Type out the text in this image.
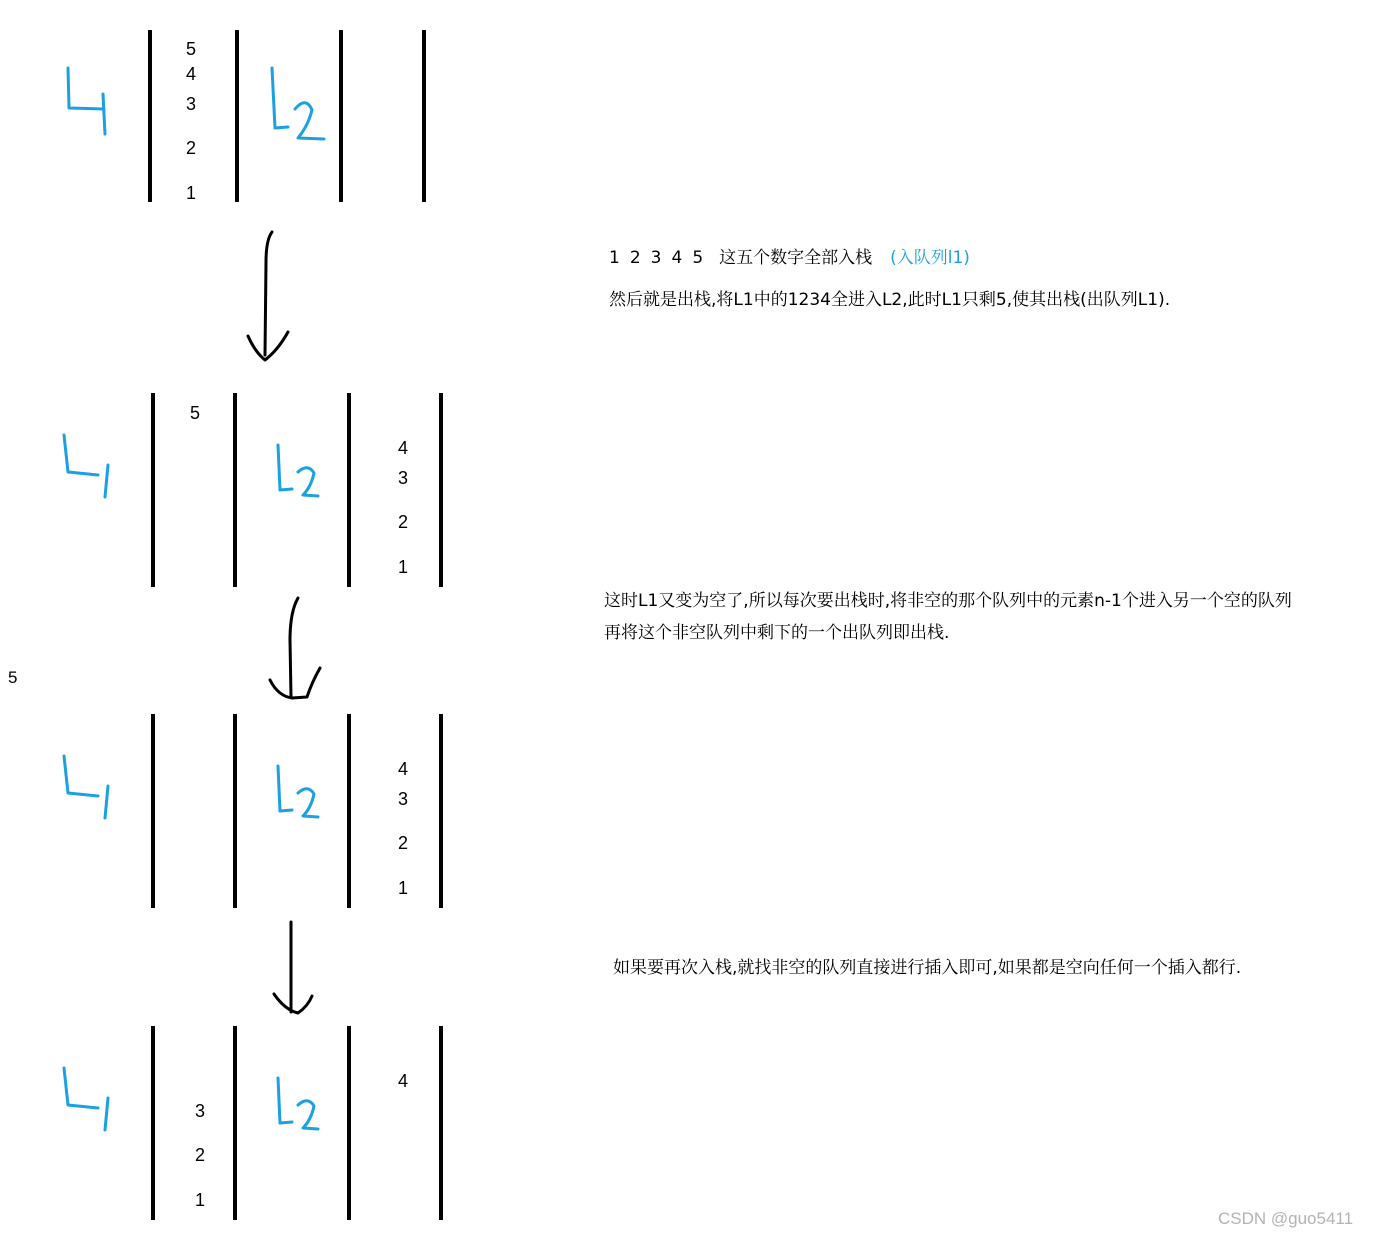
5
4
3
2
1
5
4
3
2
1
4
3
2
1
3
2
1
4
5
1 2 3 4 5 这五个数字全部入栈 (入队列l1)
然后就是出栈,将L1中的1234全进入L2,此时L1只剩5,使其出栈(出队列L1).
这时L1又变为空了,所以每次要出栈时,将非空的那个队列中的元素n-1个进入另一个空的队列
再将这个非空队列中剩下的一个出队列即出栈.
如果要再次入栈,就找非空的队列直接进行插入即可,如果都是空向任何一个插入都行.
CSDN @guo5411
